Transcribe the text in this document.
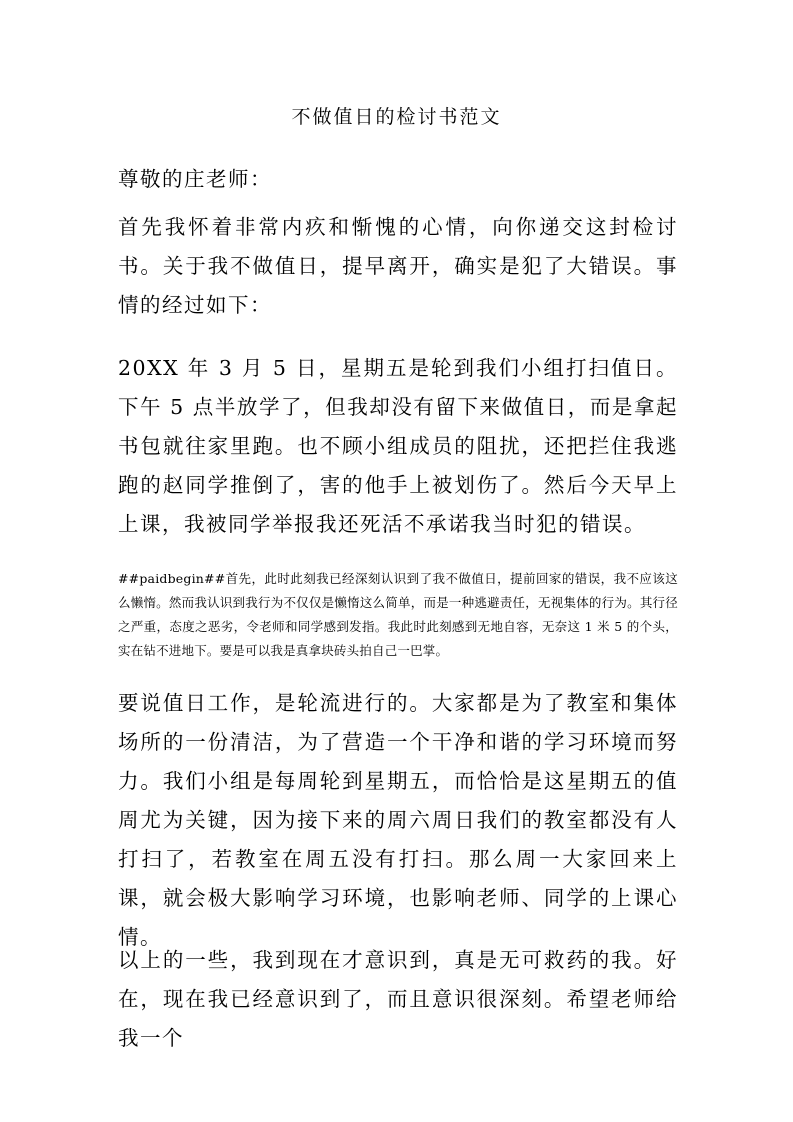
不做值日的检讨书范文

尊敬的庄老师：

首先我怀着非常内疚和惭愧的心情，向你递交这封检讨书。关于我不做值日，提早离开，确实是犯了大错误。事情的经过如下：

20XX 年 3 月 5 日，星期五是轮到我们小组打扫值日。下午 5 点半放学了，但我却没有留下来做值日，而是拿起书包就往家里跑。也不顾小组成员的阻扰，还把拦住我逃跑的赵同学推倒了，害的他手上被划伤了。然后今天早上上课，我被同学举报我还死活不承诺我当时犯的错误。

##paidbegin##首先，此时此刻我已经深刻认识到了我不做值日，提前回家的错误，我不应该这么懒惰。然而我认识到我行为不仅仅是懒惰这么简单，而是一种逃避责任，无视集体的行为。其行径之严重，态度之恶劣，令老师和同学感到发指。我此时此刻感到无地自容，无奈这 1 米 5 的个头，实在钻不进地下。要是可以我是真拿块砖头拍自己一巴掌。

要说值日工作，是轮流进行的。大家都是为了教室和集体场所的一份清洁，为了营造一个干净和谐的学习环境而努力。我们小组是每周轮到星期五，而恰恰是这星期五的值周尤为关键，因为接下来的周六周日我们的教室都没有人打扫了，若教室在周五没有打扫。那么周一大家回来上课，就会极大影响学习环境，也影响老师、同学的上课心情。

以上的一些，我到现在才意识到，真是无可救药的我。好在，现在我已经意识到了，而且意识很深刻。希望老师给我一个
